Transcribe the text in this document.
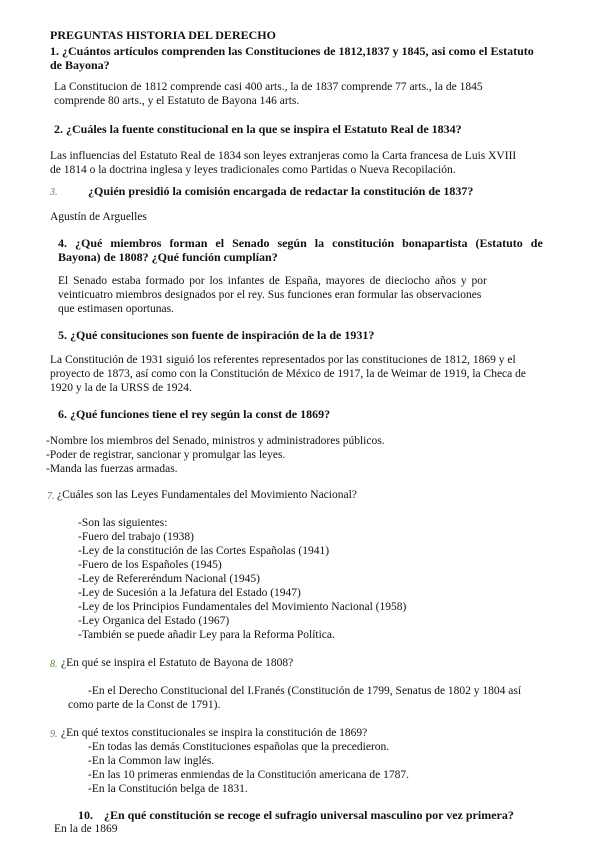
PREGUNTAS HISTORIA DEL DERECHO
1. ¿Cuántos artículos comprenden las Constituciones de 1812,1837 y 1845, asi como el Estatuto
de Bayona?
La Constitucion de 1812 comprende casi 400 arts., la de 1837 comprende 77 arts., la de 1845
comprende 80 arts., y el Estatuto de Bayona 146 arts.
2. ¿Cuáles la fuente constitucional en la que se inspira el Estatuto Real de 1834?
Las influencias del Estatuto Real de 1834 son leyes extranjeras como la Carta francesa de Luis XVIII
de 1814 o la doctrina inglesa y leyes tradicionales como Partidas o Nueva Recopilación.
3.	¿Quién presidió la comisión encargada de redactar la constitución de 1837?
Agustín de Arguelles
4. ¿Qué miembros forman el Senado según la constitución bonapartista (Estatuto de
Bayona) de 1808? ¿Qué función cumplían?
El Senado estaba formado por los infantes de España, mayores de dieciocho años y por
veinticuatro miembros designados por el rey. Sus funciones eran formular las observaciones
que estimasen oportunas.
5. ¿Qué consituciones son fuente de inspiración de la de 1931?
La Constitución de 1931 siguió los referentes representados por las constituciones de 1812, 1869 y el
proyecto de 1873, así como con la Constitución de México de 1917, la de Weimar de 1919, la Checa de
1920 y la de la URSS de 1924.
6. ¿Qué funciones tiene el rey según la const de 1869?
-Nombre los miembros del Senado, ministros y administradores públicos.
-Poder de registrar, sancionar y promulgar las leyes.
-Manda las fuerzas armadas.
7. ¿Cuáles son las Leyes Fundamentales del Movimiento Nacional?
-Son las siguientes:
-Fuero del trabajo (1938)
-Ley de la constitución de las Cortes Españolas (1941)
-Fuero de los Españoles (1945)
-Ley de Refereréndum Nacional (1945)
-Ley de Sucesión a la Jefatura del Estado (1947)
-Ley de los Principios Fundamentales del Movimiento Nacional (1958)
-Ley Organica del Estado (1967)
-También se puede añadir Ley para la Reforma Política.
8. ¿En qué se inspira el Estatuto de Bayona de 1808?
-En el Derecho Constitucional del I.Franés (Constitución de 1799, Senatus de 1802 y 1804 así
como parte de la Const de 1791).
9. ¿En qué textos constitucionales se inspira la constitución de 1869?
-En todas las demás Constituciones españolas que la precedieron.
-En la Common law inglés.
-En las 10 primeras enmiendas de la Constitución americana de 1787.
-En la Constitución belga de 1831.
10. ¿En qué constitución se recoge el sufragio universal masculino por vez primera?
En la de 1869
